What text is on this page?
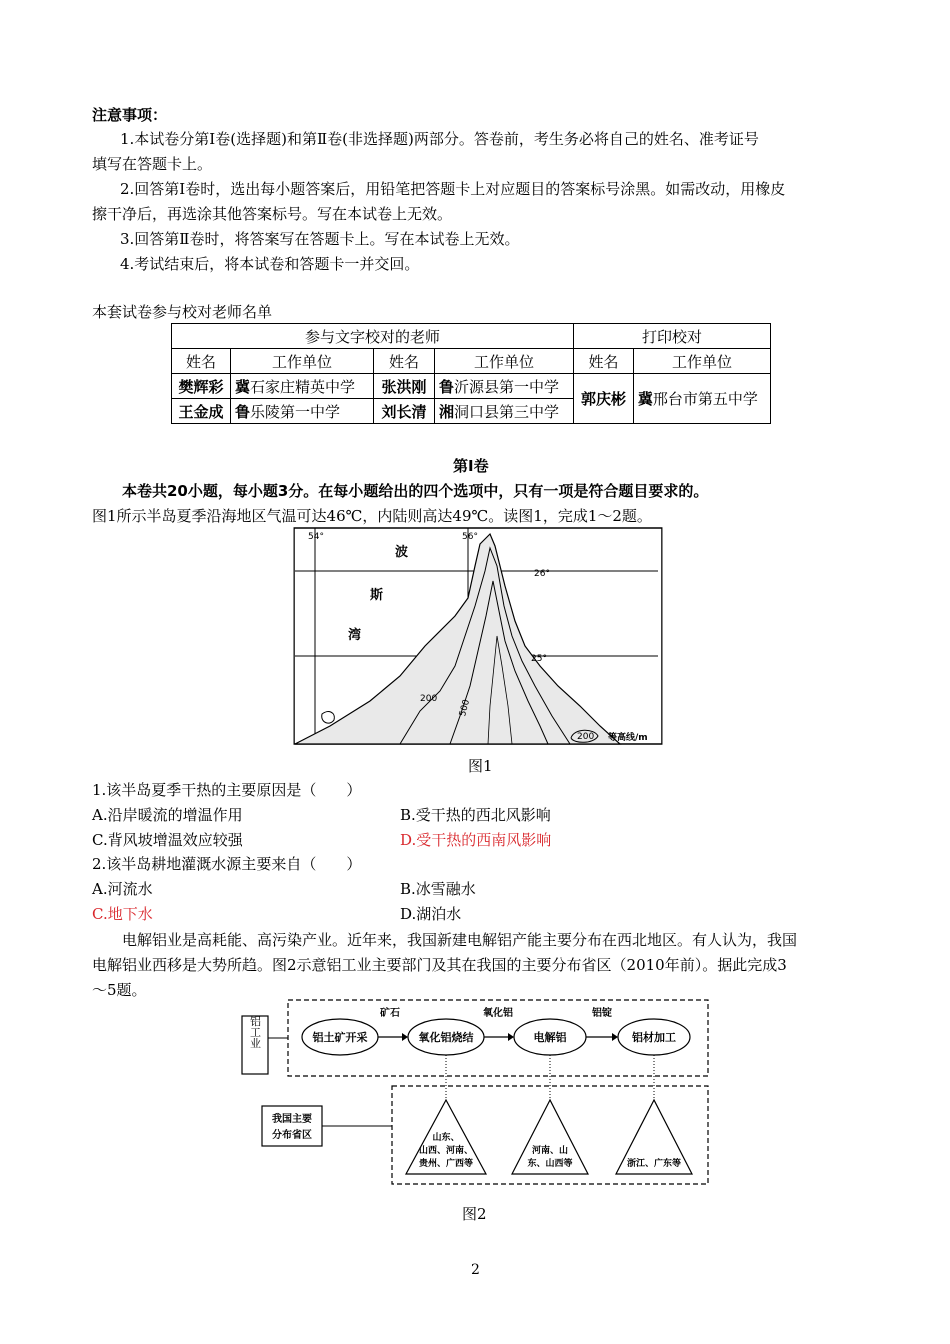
注意事项：
1.本试卷分第Ⅰ卷(选择题)和第Ⅱ卷(非选择题)两部分。答卷前，考生务必将自己的姓名、准考证号
填写在答题卡上。
2.回答第Ⅰ卷时，选出每小题答案后，用铅笔把答题卡上对应题目的答案标号涂黑。如需改动，用橡皮
擦干净后，再选涂其他答案标号。写在本试卷上无效。
3.回答第Ⅱ卷时，将答案写在答题卡上。写在本试卷上无效。
4.考试结束后，将本试卷和答题卡一并交回。
本套试卷参与校对老师名单
参与文字校对的老师				打印校对	
姓名	工作单位	姓名	工作单位	姓名	工作单位
樊辉彩	冀石家庄精英中学	张洪刚	鲁沂源县第一中学	郭庆彬	冀邢台市第五中学
王金成	鲁乐陵第一中学	刘长清	湘洞口县第三中学		
第Ⅰ卷
本卷共20小题，每小题3分。在每小题给出的四个选项中，只有一项是符合题目要求的。
图1所示半岛夏季沿海地区气温可达46℃，内陆则高达49℃。读图1，完成1～2题。
54°	56°
26°
25°
波
斯
湾
200 500
200 等高线/m
图1
1.该半岛夏季干热的主要原因是（　　）
A.沿岸暖流的增温作用	B.受干热的西北风影响
C.背风坡增温效应较强	D.受干热的西南风影响
2.该半岛耕地灌溉水源主要来自（　　）
A.河流水	B.冰雪融水
C.地下水	D.湖泊水
电解铝业是高耗能、高污染产业。近年来，我国新建电解铝产能主要分布在西北地区。有人认为，我国
电解铝业西移是大势所趋。图2示意铝工业主要部门及其在我国的主要分布省区（2010年前）。据此完成3
～5题。
铝工业
我国主要
分布省区
铝土矿开采	氧化铝烧结	电解铝	铝材加工
矿石	氧化铝	铝锭
山东、
山西、河南、
贵州、广西等
河南、山
东、山西等	浙江、广东等
图2
2
